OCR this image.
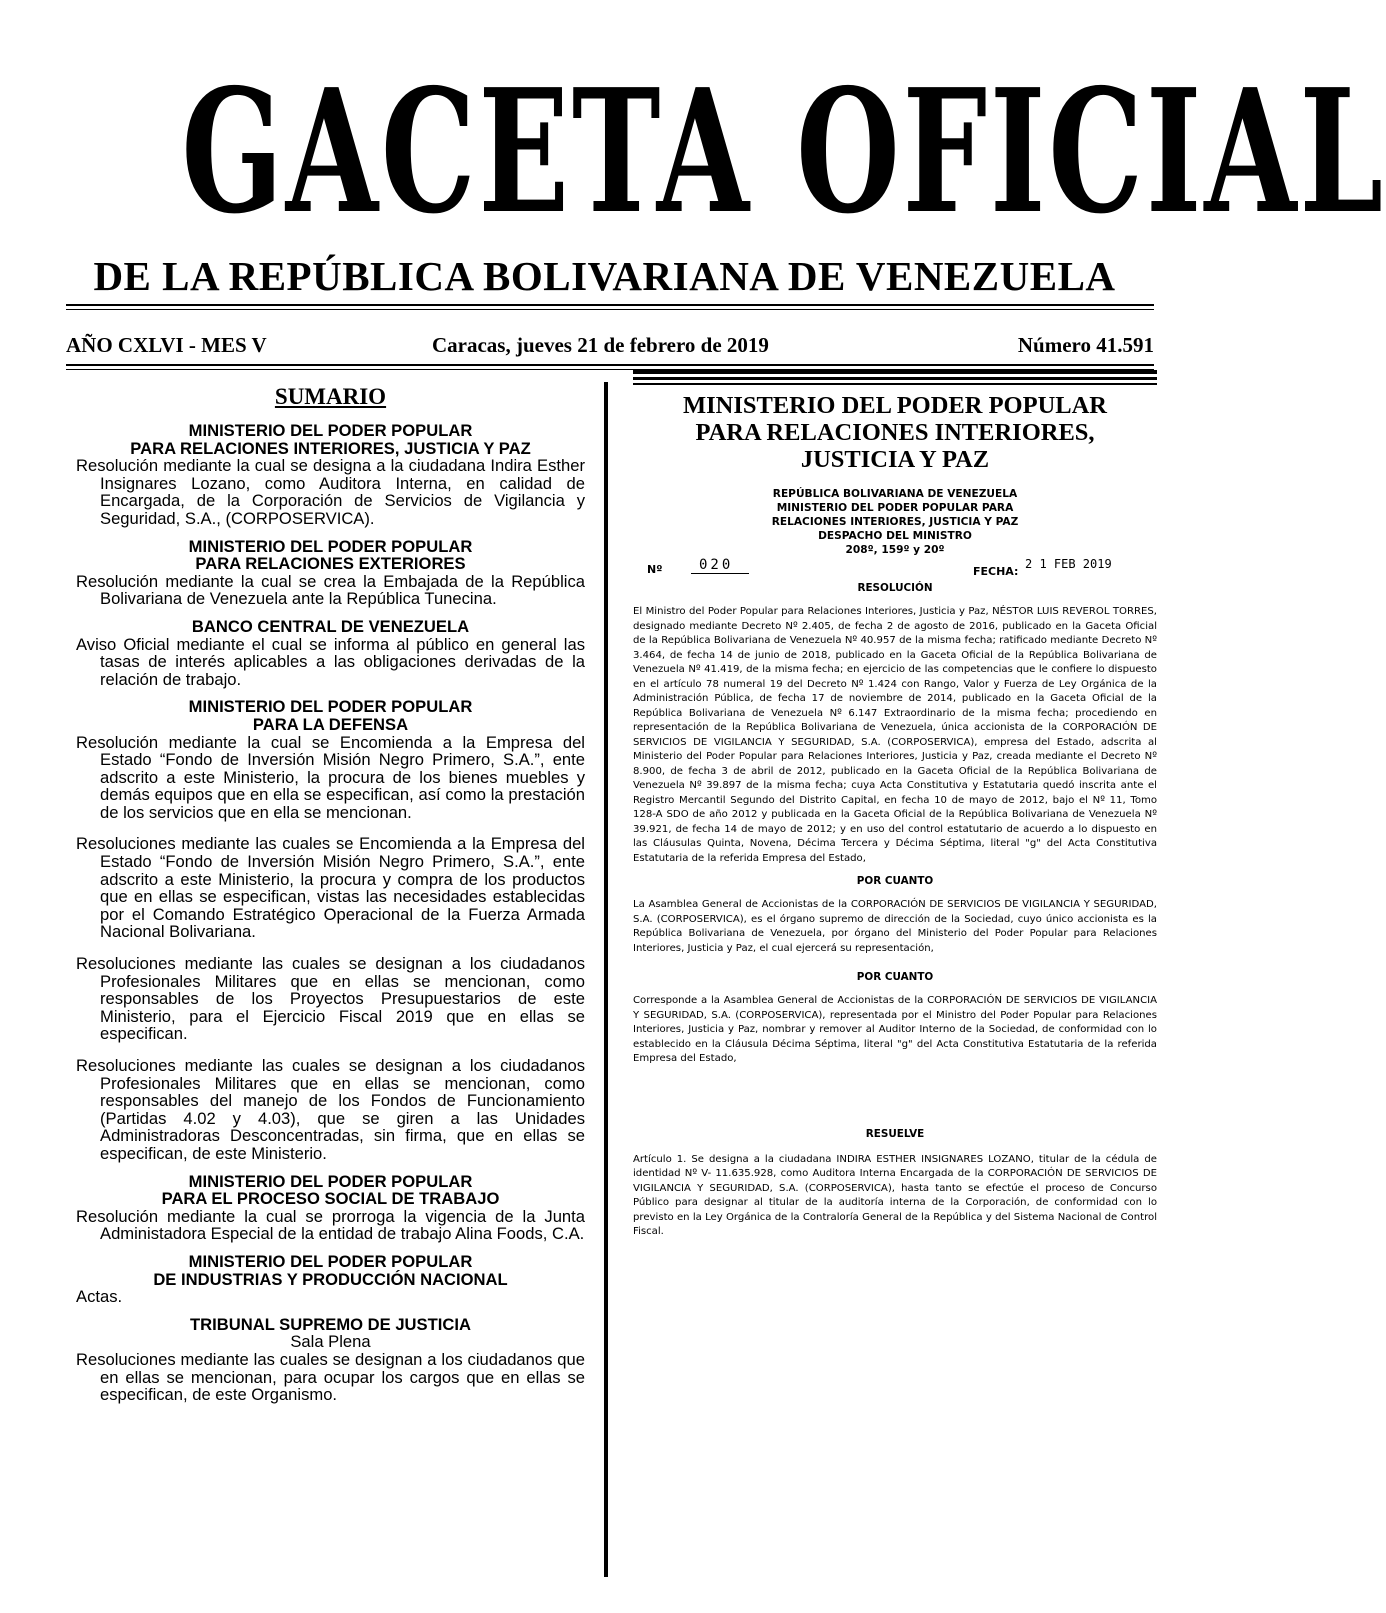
GACETA OFICIAL
DE LA REPÚBLICA BOLIVARIANA DE VENEZUELA
AÑO CXLVI - MES V	Caracas, jueves 21 de febrero de 2019	Número 41.591
SUMARIO
MINISTERIO DEL PODER POPULAR
PARA RELACIONES INTERIORES, JUSTICIA Y PAZ

Resolución mediante la cual se designa a la ciudadana Indira Esther Insignares Lozano, como Auditora Interna, en calidad de Encargada, de la Corporación de Servicios de Vigilancia y Seguridad, S.A., (CORPOSERVICA).

MINISTERIO DEL PODER POPULAR
PARA RELACIONES EXTERIORES

Resolución mediante la cual se crea la Embajada de la República Bolivariana de Venezuela ante la República Tunecina.

BANCO CENTRAL DE VENEZUELA

Aviso Oficial mediante el cual se informa al público en general las tasas de interés aplicables a las obligaciones derivadas de la relación de trabajo.

MINISTERIO DEL PODER POPULAR
PARA LA DEFENSA

Resolución mediante la cual se Encomienda a la Empresa del Estado “Fondo de Inversión Misión Negro Primero, S.A.”, ente adscrito a este Ministerio, la procura de los bienes muebles y demás equipos que en ella se especifican, así como la prestación de los servicios que en ella se mencionan.

Resoluciones mediante las cuales se Encomienda a la Empresa del Estado “Fondo de Inversión Misión Negro Primero, S.A.”, ente adscrito a este Ministerio, la procura y compra de los productos que en ellas se especifican, vistas las necesidades establecidas por el Comando Estratégico Operacional de la Fuerza Armada Nacional Bolivariana.

Resoluciones mediante las cuales se designan a los ciudadanos Profesionales Militares que en ellas se mencionan, como responsables de los Proyectos Presupuestarios de este Ministerio, para el Ejercicio Fiscal 2019 que en ellas se especifican.

Resoluciones mediante las cuales se designan a los ciudadanos Profesionales Militares que en ellas se mencionan, como responsables del manejo de los Fondos de Funcionamiento (Partidas 4.02 y 4.03), que se giren a las Unidades Administradoras Desconcentradas, sin firma, que en ellas se especifican, de este Ministerio.

MINISTERIO DEL PODER POPULAR
PARA EL PROCESO SOCIAL DE TRABAJO

Resolución mediante la cual se prorroga la vigencia de la Junta Administadora Especial de la entidad de trabajo Alina Foods, C.A.

MINISTERIO DEL PODER POPULAR
DE INDUSTRIAS Y PRODUCCIÓN NACIONAL

Actas.

TRIBUNAL SUPREMO DE JUSTICIA
Sala Plena

Resoluciones mediante las cuales se designan a los ciudadanos que en ellas se mencionan, para ocupar los cargos que en ellas se especifican, de este Organismo.

MINISTERIO DEL PODER POPULAR
PARA RELACIONES INTERIORES,
JUSTICIA Y PAZ
REPÚBLICA BOLIVARIANA DE VENEZUELA
MINISTERIO DEL PODER POPULAR PARA
RELACIONES INTERIORES, JUSTICIA Y PAZ
DESPACHO DEL MINISTRO
208º, 159º y 20º
Nº	020	FECHA:
2 1 FEB 2019
RESOLUCIÓN

El Ministro del Poder Popular para Relaciones Interiores, Justicia y Paz, NÉSTOR LUIS REVEROL TORRES, designado mediante Decreto Nº 2.405, de fecha 2 de agosto de 2016, publicado en la Gaceta Oficial de la República Bolivariana de Venezuela Nº 40.957 de la misma fecha; ratificado mediante Decreto Nº 3.464, de fecha 14 de junio de 2018, publicado en la Gaceta Oficial de la República Bolivariana de Venezuela Nº 41.419, de la misma fecha; en ejercicio de las competencias que le confiere lo dispuesto en el artículo 78 numeral 19 del Decreto Nº 1.424 con Rango, Valor y Fuerza de Ley Orgánica de la Administración Pública, de fecha 17 de noviembre de 2014, publicado en la Gaceta Oficial de la República Bolivariana de Venezuela Nº 6.147 Extraordinario de la misma fecha; procediendo en representación de la República Bolivariana de Venezuela, única accionista de la CORPORACIÓN DE SERVICIOS DE VIGILANCIA Y SEGURIDAD, S.A. (CORPOSERVICA), empresa del Estado, adscrita al Ministerio del Poder Popular para Relaciones Interiores, Justicia y Paz, creada mediante el Decreto Nº 8.900, de fecha 3 de abril de 2012, publicado en la Gaceta Oficial de la República Bolivariana de Venezuela Nº 39.897 de la misma fecha; cuya Acta Constitutiva y Estatutaria quedó inscrita ante el Registro Mercantil Segundo del Distrito Capital, en fecha 10 de mayo de 2012, bajo el Nº 11, Tomo 128-A SDO de año 2012 y publicada en la Gaceta Oficial de la República Bolivariana de Venezuela Nº 39.921, de fecha 14 de mayo de 2012; y en uso del control estatutario de acuerdo a lo dispuesto en las Cláusulas Quinta, Novena, Décima Tercera y Décima Séptima, literal "g" del Acta Constitutiva Estatutaria de la referida Empresa del Estado,

POR CUANTO

La Asamblea General de Accionistas de la CORPORACIÓN DE SERVICIOS DE VIGILANCIA Y SEGURIDAD, S.A. (CORPOSERVICA), es el órgano supremo de dirección de la Sociedad, cuyo único accionista es la República Bolivariana de Venezuela, por órgano del Ministerio del Poder Popular para Relaciones Interiores, Justicia y Paz, el cual ejercerá su representación,

POR CUANTO

Corresponde a la Asamblea General de Accionistas de la CORPORACIÓN DE SERVICIOS DE VIGILANCIA Y SEGURIDAD, S.A. (CORPOSERVICA), representada por el Ministro del Poder Popular para Relaciones Interiores, Justicia y Paz, nombrar y remover al Auditor Interno de la Sociedad, de conformidad con lo establecido en la Cláusula Décima Séptima, literal "g" del Acta Constitutiva Estatutaria de la referida Empresa del Estado,

RESUELVE

Artículo 1. Se designa a la ciudadana INDIRA ESTHER INSIGNARES LOZANO, titular de la cédula de identidad Nº V- 11.635.928, como Auditora Interna Encargada de la CORPORACIÓN DE SERVICIOS DE VIGILANCIA Y SEGURIDAD, S.A. (CORPOSERVICA), hasta tanto se efectúe el proceso de Concurso Público para designar al titular de la auditoría interna de la Corporación, de conformidad con lo previsto en la Ley Orgánica de la Contraloría General de la República y del Sistema Nacional de Control Fiscal.
